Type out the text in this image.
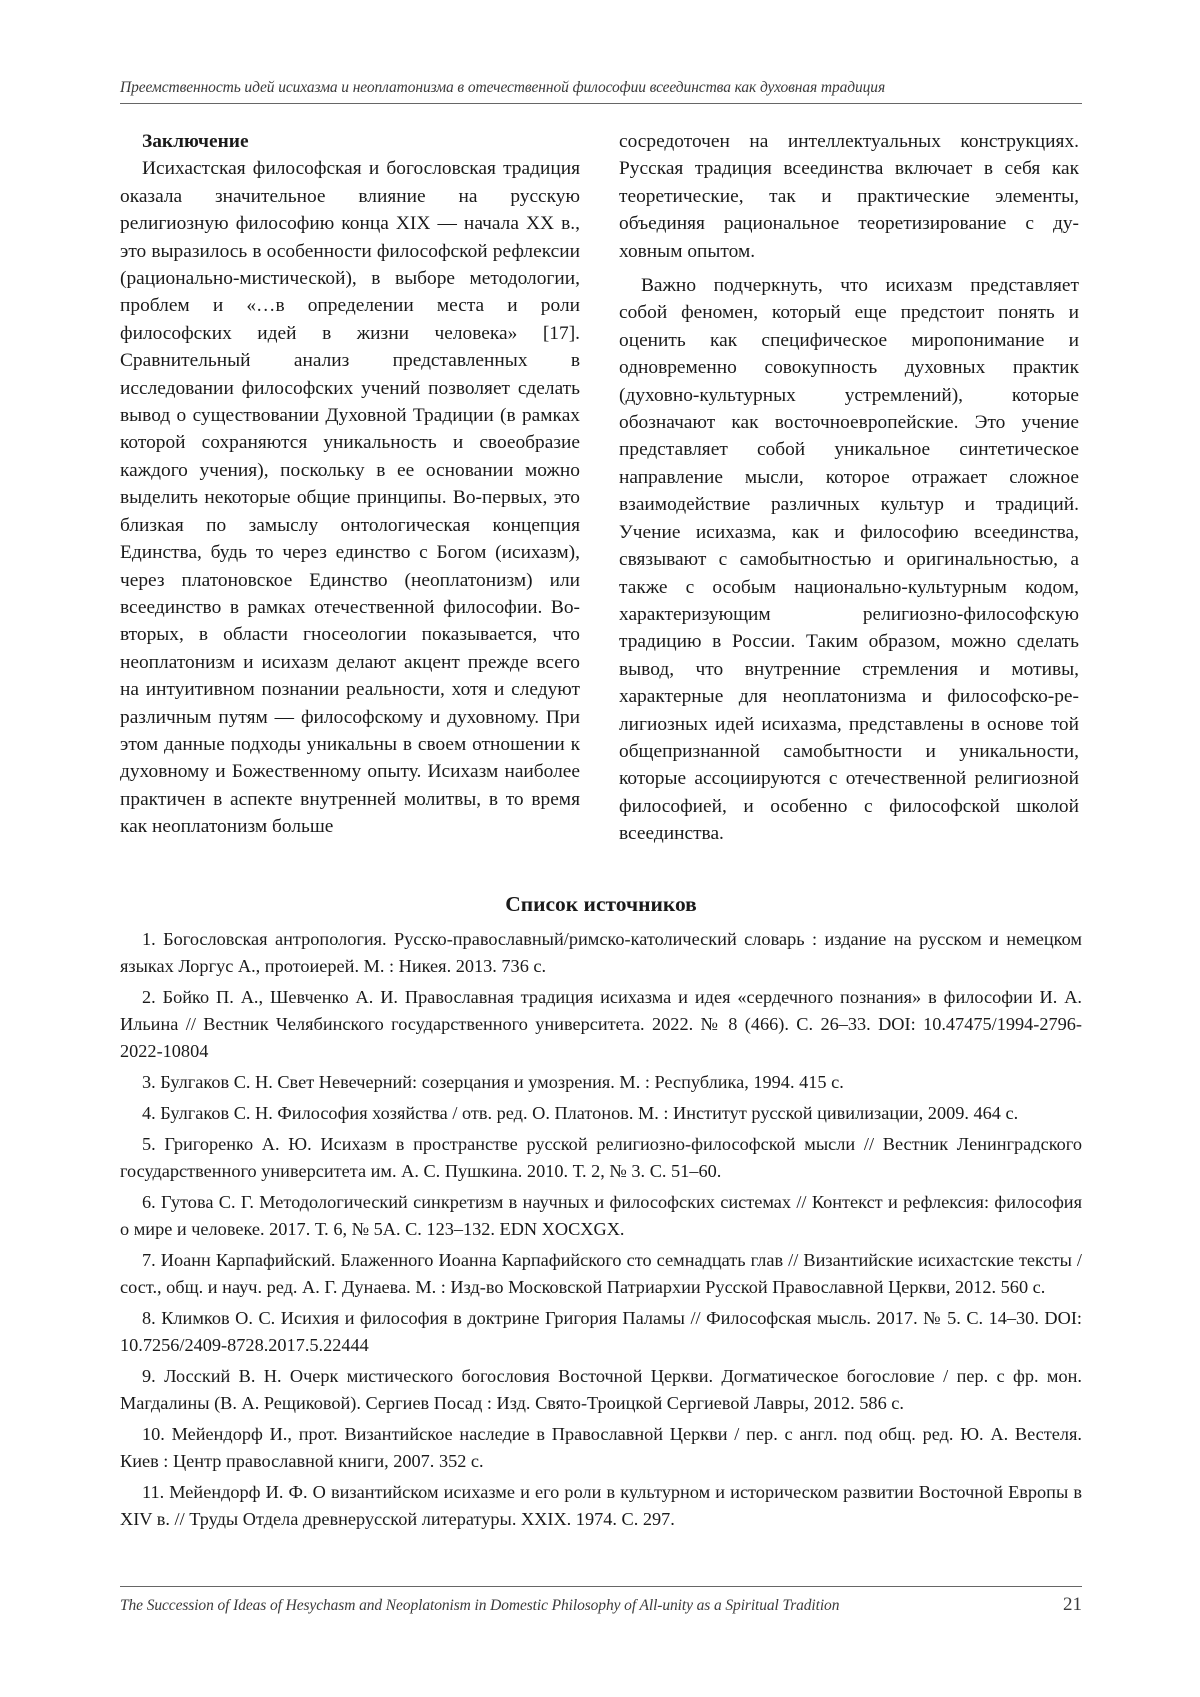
Преемственность идей исихазма и неоплатонизма в отечественной философии всеединства как духовная традиция

Заключение

Исихастская философская и богословская традиция оказала значительное влияние на русскую религиозную философию конца XIX — начала XX в., это выразилось в особенности философской рефлексии (рационально-мистической), в выборе методологии, проблем и «…в определении места и роли философских идей в жизни человека» [17]. Сравнительный анализ представленных в исследовании философских учений позволяет сделать вывод о существовании Духовной Традиции (в рамках которой сохраняются уникальность и своеобразие каждого учения), поскольку в ее основании можно выделить некоторые общие принципы. Во-первых, это близкая по замыслу онтологическая концепция Единства, будь то через единство с Богом (исихазм), через платоновское Единство (неоплатонизм) или всеединство в рамках отечественной философии. Во-вторых, в области гносеологии показывается, что неоплатонизм и исихазм делают акцент прежде всего на интуитивном познании реальности, хотя и следуют различным путям — философскому и духовному. При этом данные подходы уникальны в своем отношении к духовному и Божественному опыту. Исихазм наиболее практичен в аспекте внутренней молитвы, в то время как неоплатонизм больше

сосредоточен на интеллектуальных конструкциях. Русская традиция всеединства включает в себя как теоретические, так и практические элементы, объединяя рациональное теоретизирование с духовным опытом.

Важно подчеркнуть, что исихазм представляет собой феномен, который еще предстоит понять и оценить как специфическое миропонимание и одновременно совокупность духовных практик (духовно-культурных устремлений), которые обозначают как восточноевропейские. Это учение представляет собой уникальное синтетическое направление мысли, которое отражает сложное взаимодействие различных культур и традиций. Учение исихазма, как и философию всеединства, связывают с самобытностью и оригинальностью, а также с особым национально-культурным кодом, характеризующим религиозно-философскую традицию в России. Таким образом, можно сделать вывод, что внутренние стремления и мотивы, характерные для неоплатонизма и философско-религиозных идей исихазма, представлены в основе той общепризнанной самобытности и уникальности, которые ассоциируются с отечественной религиозной философией, и особенно с философской школой всеединства.

Список источников
1. Богословская антропология. Русско-православный/римско-католический словарь : издание на русском и немецком языках Лоргус А., протоиерей. М. : Никея. 2013. 736 с.
2. Бойко П. А., Шевченко А. И. Православная традиция исихазма и идея «сердечного познания» в философии И. А. Ильина // Вестник Челябинского государственного университета. 2022. № 8 (466). С. 26–33. DOI: 10.47475/1994-2796-2022-10804
3. Булгаков С. Н. Свет Невечерний: созерцания и умозрения. М. : Республика, 1994. 415 с.
4. Булгаков С. Н. Философия хозяйства / отв. ред. О. Платонов. М. : Институт русской цивилизации, 2009. 464 с.
5. Григоренко А. Ю. Исихазм в пространстве русской религиозно-философской мысли // Вестник Ленинградского государственного университета им. А. С. Пушкина. 2010. Т. 2, № 3. С. 51–60.
6. Гутова С. Г. Методологический синкретизм в научных и философских системах // Контекст и рефлексия: философия о мире и человеке. 2017. Т. 6, № 5А. С. 123–132. EDN XOCXGX.
7. Иоанн Карпафийский. Блаженного Иоанна Карпафийского сто семнадцать глав // Византийские исихастские тексты / сост., общ. и науч. ред. А. Г. Дунаева. М. : Изд-во Московской Патриархии Русской Православной Церкви, 2012. 560 с.
8. Климков О. С. Исихия и философия в доктрине Григория Паламы // Философская мысль. 2017. № 5. С. 14–30. DOI: 10.7256/2409-8728.2017.5.22444
9. Лосский В. Н. Очерк мистического богословия Восточной Церкви. Догматическое богословие / пер. с фр. мон. Магдалины (В. А. Рещиковой). Сергиев Посад : Изд. Свято-Троицкой Сергиевой Лавры, 2012. 586 с.
10. Мейендорф И., прот. Византийское наследие в Православной Церкви / пер. с англ. под общ. ред. Ю. А. Вестеля. Киев : Центр православной книги, 2007. 352 с.
11. Мейендорф И. Ф. О византийском исихазме и его роли в культурном и историческом развитии Восточной Европы в XIV в. // Труды Отдела древнерусской литературы. XXIX. 1974. С. 297.
The Succession of Ideas of Hesychasm and Neoplatonism in Domestic Philosophy of All-unity as a Spiritual Tradition	21
